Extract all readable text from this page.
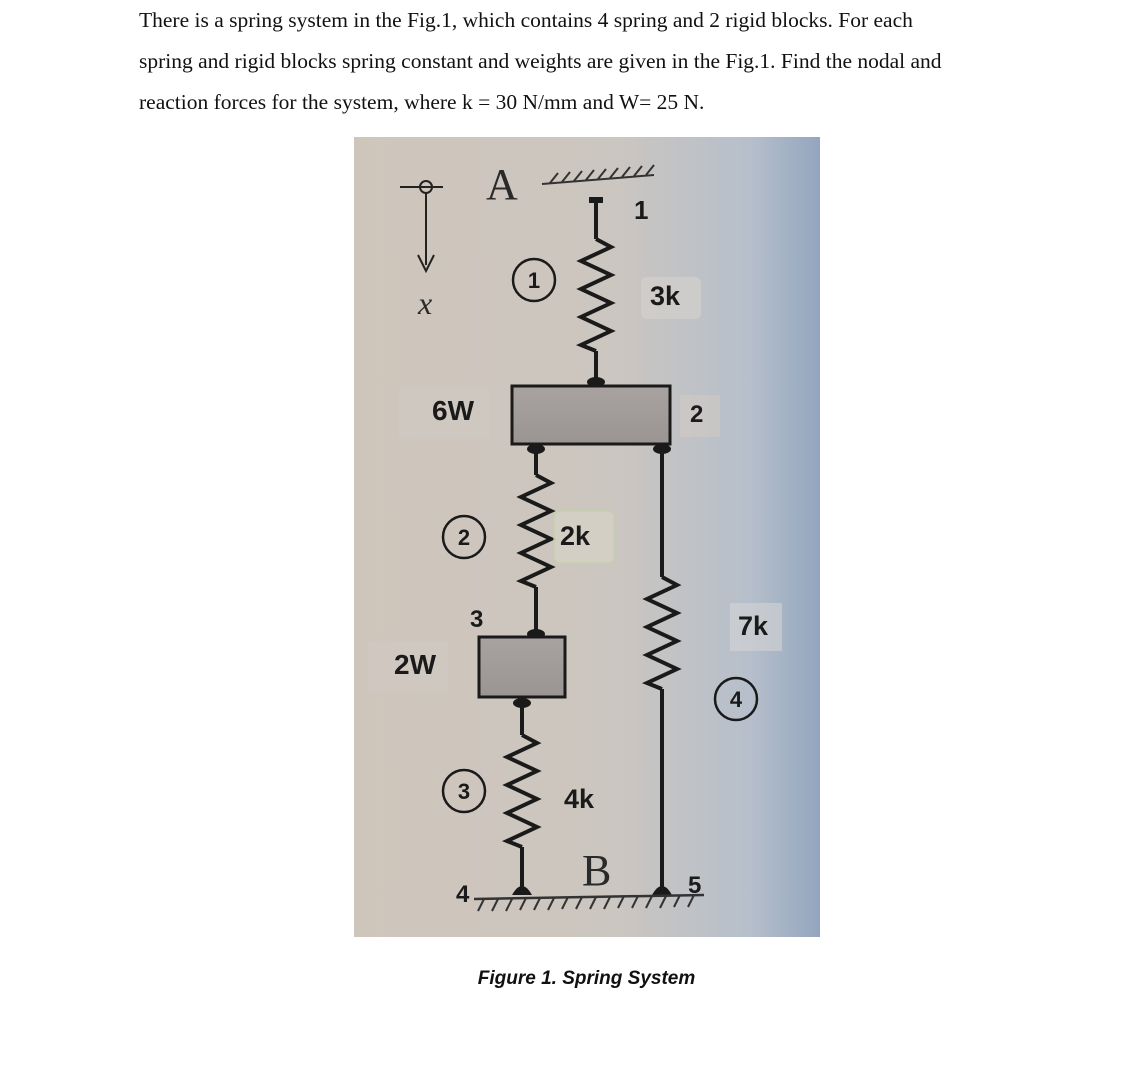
There is a spring system in the Fig.1, which contains 4 spring and 2 rigid blocks. For each
spring and rigid blocks spring constant and weights are given in the Fig.1. Find the nodal and
reaction forces for the system, where k = 30 N/mm and W= 25 N.

x
A
1
1
3k
6W	2
2	2k
3
2W
3	4k
7k
4
B
4	5
Figure 1. Spring System
